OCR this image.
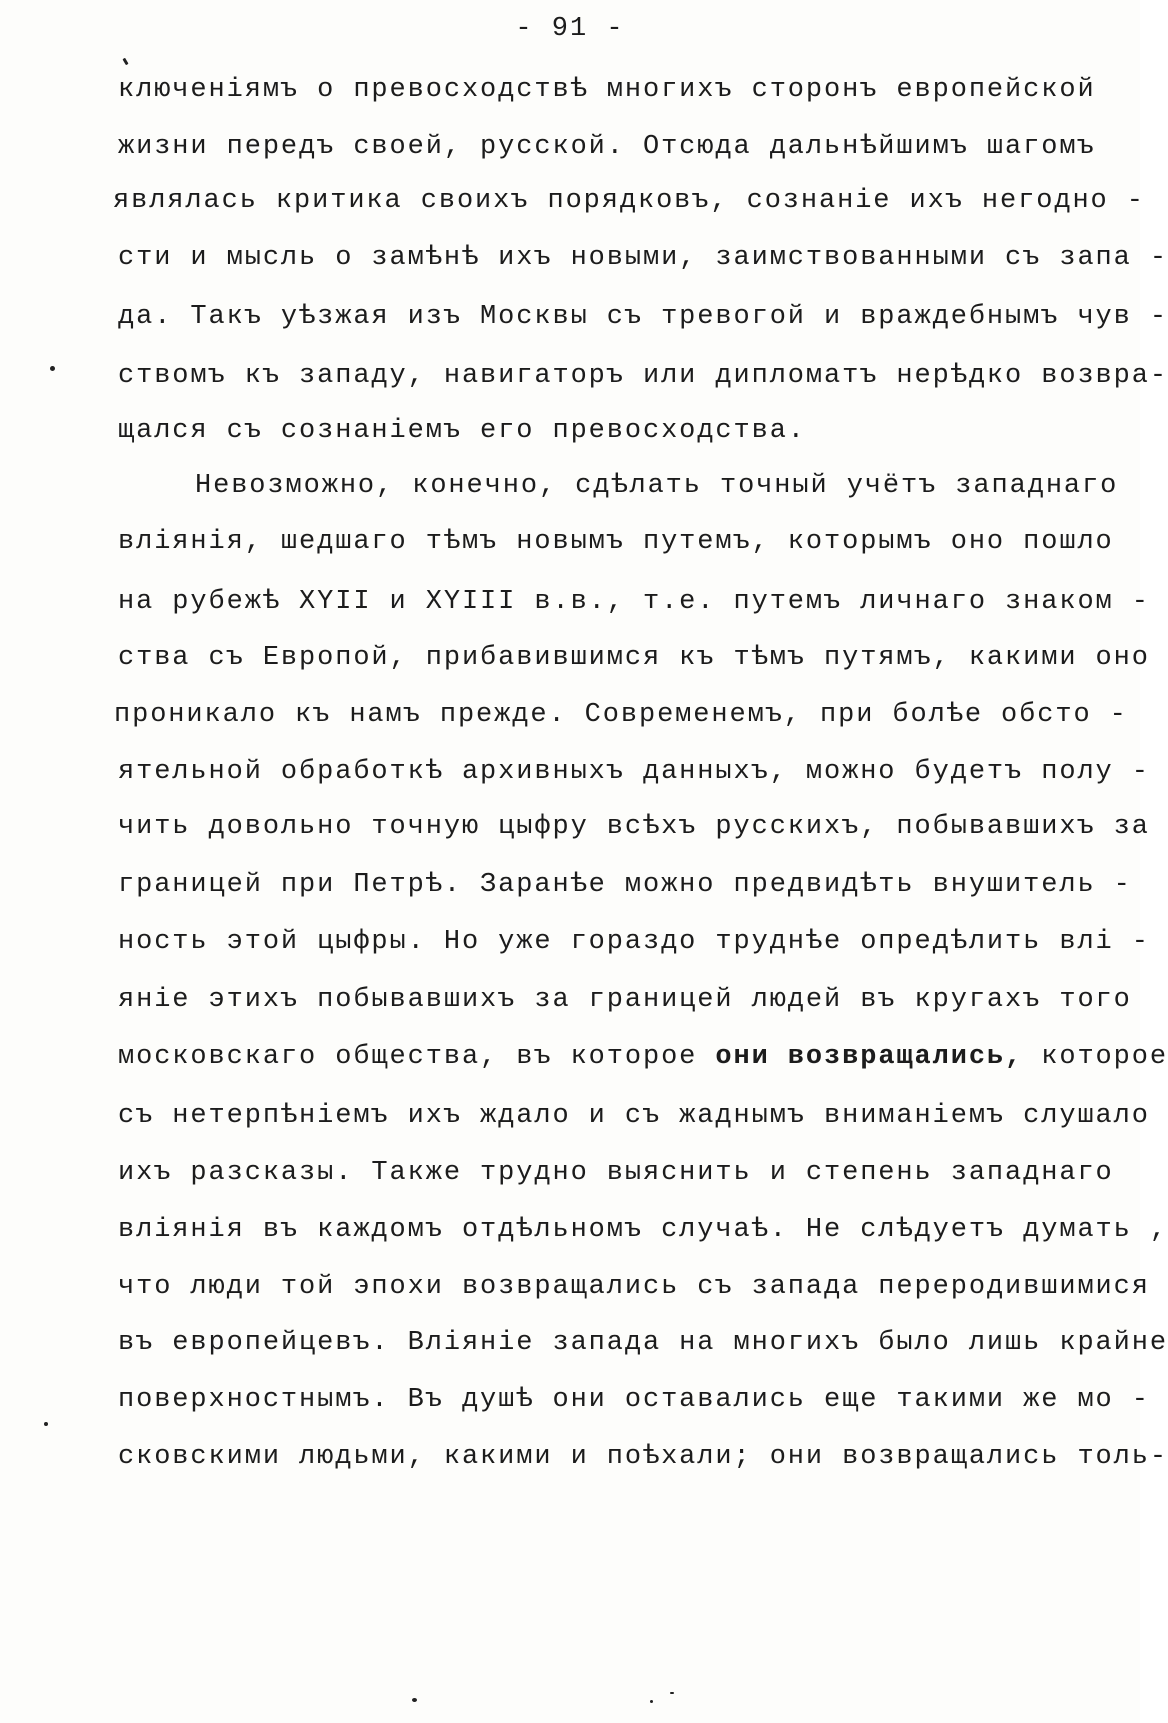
- 91 -
ключеніямъ о превосходствѣ многихъ сторонъ европейской
жизни передъ своей, русской. Отсюда дальнѣйшимъ шагомъ
являлась критика своихъ порядковъ, сознаніе ихъ негодно -
сти и мысль о замѣнѣ ихъ новыми, заимствованными съ запа -
да. Такъ уѣзжая изъ Москвы съ тревогой и враждебнымъ чув -
ствомъ къ западу, навигаторъ или дипломатъ нерѣдко возвра-
щался съ сознаніемъ его превосходства.
Невозможно, конечно, сдѣлать точный учётъ западнаго
вліянія, шедшаго тѣмъ новымъ путемъ, которымъ оно пошло
на рубежѣ XYII и XYIII в.в., т.е. путемъ личнаго знаком -
ства съ Европой, прибавившимся къ тѣмъ путямъ, какими оно
проникало къ намъ прежде. Современемъ, при болѣе обсто -
ятельной обработкѣ архивныхъ данныхъ, можно будетъ полу -
чить довольно точную цыфру всѣхъ русскихъ, побывавшихъ за
границей при Петрѣ. Заранѣе можно предвидѣть внушитель -
ность этой цыфры. Но уже гораздо труднѣе опредѣлить влі -
яніе этихъ побывавшихъ за границей людей въ кругахъ того
московскаго общества, въ которое они возвращались, которое
съ нетерпѣніемъ ихъ ждало и съ жаднымъ вниманіемъ слушало
ихъ разсказы. Также трудно выяснить и степень западнаго
вліянія въ каждомъ отдѣльномъ случаѣ. Не слѣдуетъ думать ,
что люди той эпохи возвращались съ запада переродившимися
въ европейцевъ. Вліяніе запада на многихъ было лишь крайне
поверхностнымъ. Въ душѣ они оставались еще такими же мо -
сковскими людьми, какими и поѣхали; они возвращались толь-
